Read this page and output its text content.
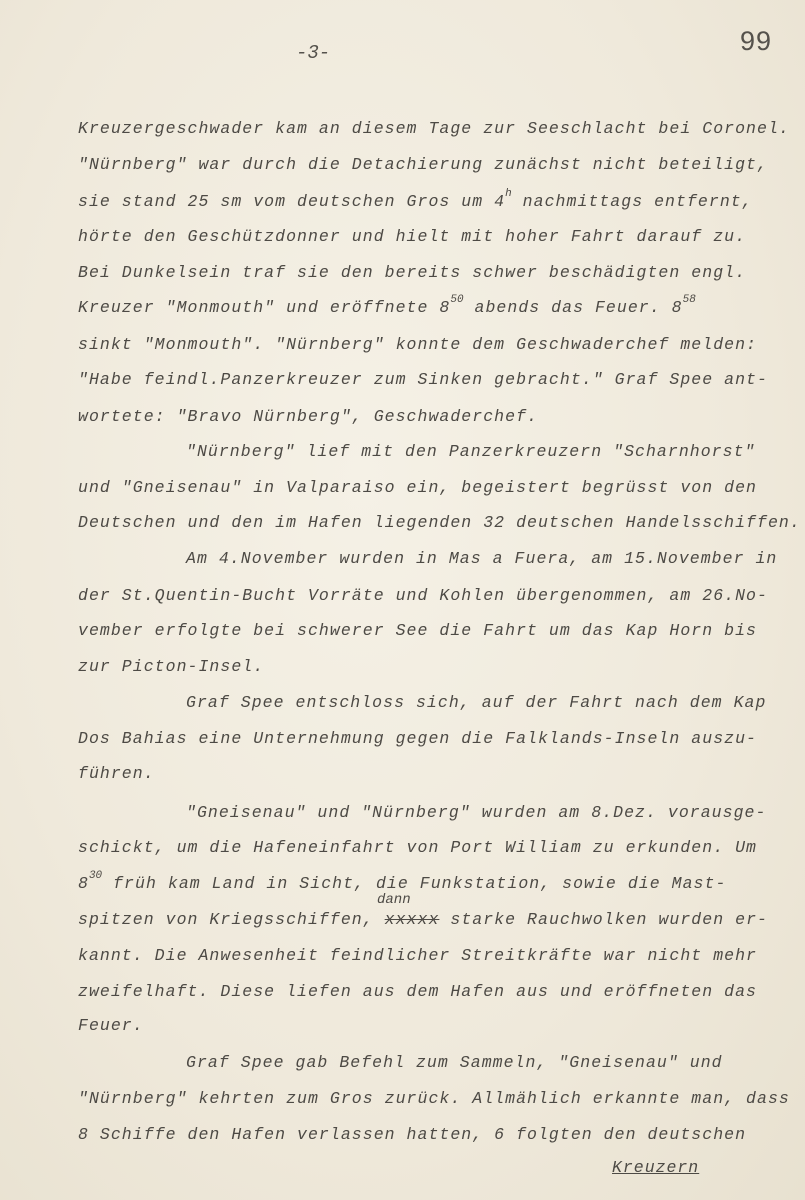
99
-3-
Kreuzergeschwader kam an diesem Tage zur Seeschlacht bei Coronel.
"Nürnberg" war durch die Detachierung zunächst nicht beteiligt,
sie stand 25 sm vom deutschen Gros um 4$^h$ nachmittags entfernt,
hörte den Geschützdonner und hielt mit hoher Fahrt darauf zu.
Bei Dunkelsein traf sie den bereits schwer beschädigten engl.
Kreuzer "Monmouth" und eröffnete $8^{50}$ abends das Feuer. $8^{58}$
sinkt "Monmouth". "Nürnberg" konnte dem Geschwaderchef melden:
"Habe feindl.Panzerkreuzer zum Sinken gebracht." Graf Spee ant-
wortete: "Bravo Nürnberg", Geschwaderchef.
"Nürnberg" lief mit den Panzerkreuzern "Scharnhorst"
und "Gneisenau" in Valparaiso ein, begeistert begrüsst von den
Deutschen und den im Hafen liegenden 32 deutschen Handelsschiffen.
Am 4.November wurden in Mas a Fuera, am 15.November in
der St.Quentin-Bucht Vorräte und Kohlen übergenommen, am 26.No-
vember erfolgte bei schwerer See die Fahrt um das Kap Horn bis
zur Picton-Insel.
Graf Spee entschloss sich, auf der Fahrt nach dem Kap
Dos Bahias eine Unternehmung gegen die Falklands-Inseln auszu-
führen.
"Gneisenau" und "Nürnberg" wurden am 8.Dez. vorausge-
schickt, um die Hafeneinfahrt von Port William zu erkunden. Um
$8^{30}$ früh kam Land in Sicht, die Funkstation, sowie die Mast-
dann
spitzen von Kriegsschiffen, xxxxx starke Rauchwolken wurden er-
kannt. Die Anwesenheit feindlicher Streitkräfte war nicht mehr
zweifelhaft. Diese liefen aus dem Hafen aus und eröffneten das
Feuer.
Graf Spee gab Befehl zum Sammeln, "Gneisenau" und
"Nürnberg" kehrten zum Gros zurück. Allmählich erkannte man, dass
8 Schiffe den Hafen verlassen hatten, 6 folgten den deutschen
Kreuzern
